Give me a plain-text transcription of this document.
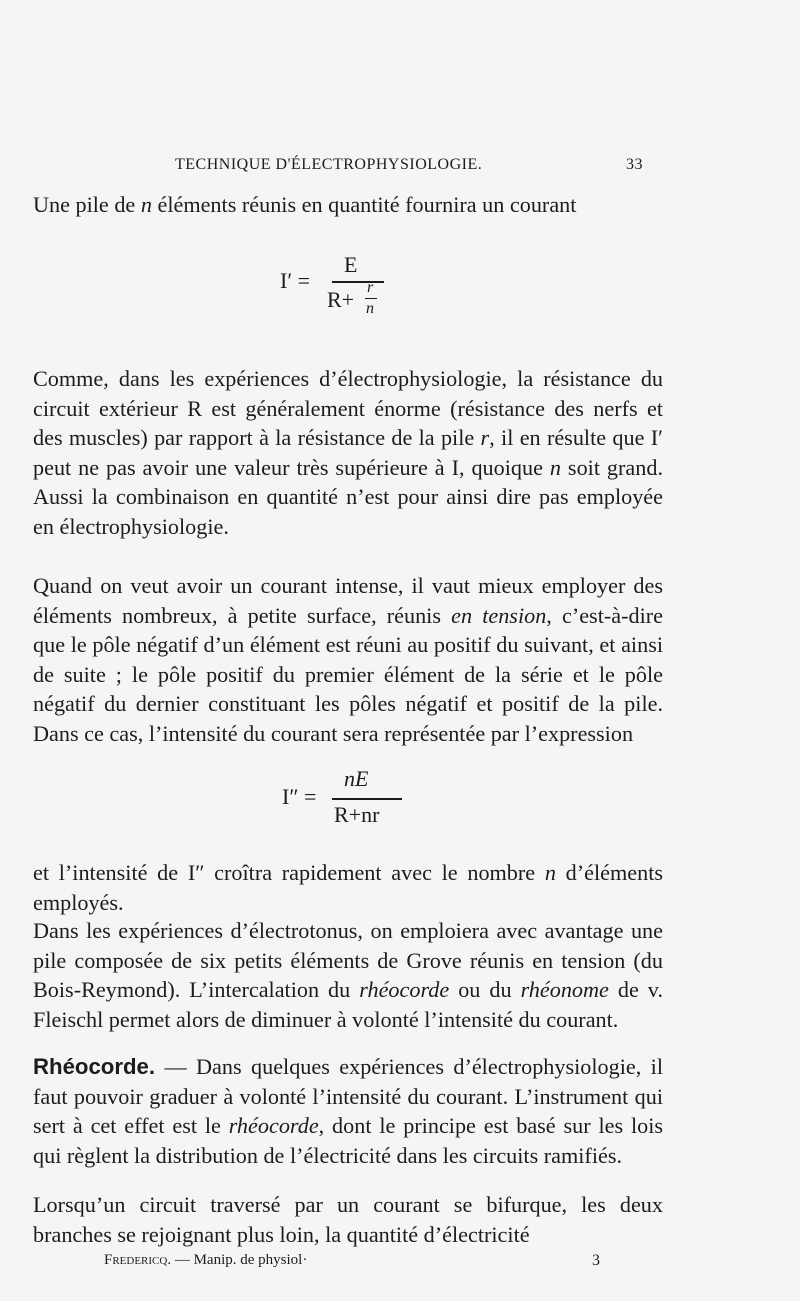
TECHNIQUE D'ÉLECTROPHYSIOLOGIE.	33

Une pile de n éléments réunis en quantité fournira un courant

I′ =
E
R+ r
n

Comme, dans les expériences d’électrophysiologie, la résistance du circuit extérieur R est généralement énorme (résistance des nerfs et des muscles) par rapport à la résistance de la pile r, il en résulte que I′ peut ne pas avoir une valeur très supérieure à I, quoique n soit grand. Aussi la combinaison en quantité n’est pour ainsi dire pas employée en électrophysiologie.

Quand on veut avoir un courant intense, il vaut mieux employer des éléments nombreux, à petite surface, réunis en tension, c’est-à-dire que le pôle négatif d’un élément est réuni au positif du suivant, et ainsi de suite ; le pôle positif du premier élément de la série et le pôle négatif du dernier constituant les pôles négatif et positif de la pile. Dans ce cas, l’intensité du courant sera représentée par l’expression

I″ =
nE
R+nr

et l’intensité de I″ croîtra rapidement avec le nombre n d’éléments employés.

Dans les expériences d’électrotonus, on emploiera avec avantage une pile composée de six petits éléments de Grove réunis en tension (du Bois-Reymond). L’intercalation du rhéocorde ou du rhéonome de v. Fleischl permet alors de diminuer à volonté l’intensité du courant.

Rhéocorde. — Dans quelques expériences d’électrophysiologie, il faut pouvoir graduer à volonté l’intensité du courant. L’instrument qui sert à cet effet est le rhéocorde, dont le principe est basé sur les lois qui règlent la distribution de l’électricité dans les circuits ramifiés.

Lorsqu’un circuit traversé par un courant se bifurque, les deux branches se rejoignant plus loin, la quantité d’électricité

Fredericq. — Manip. de physiol·	3
